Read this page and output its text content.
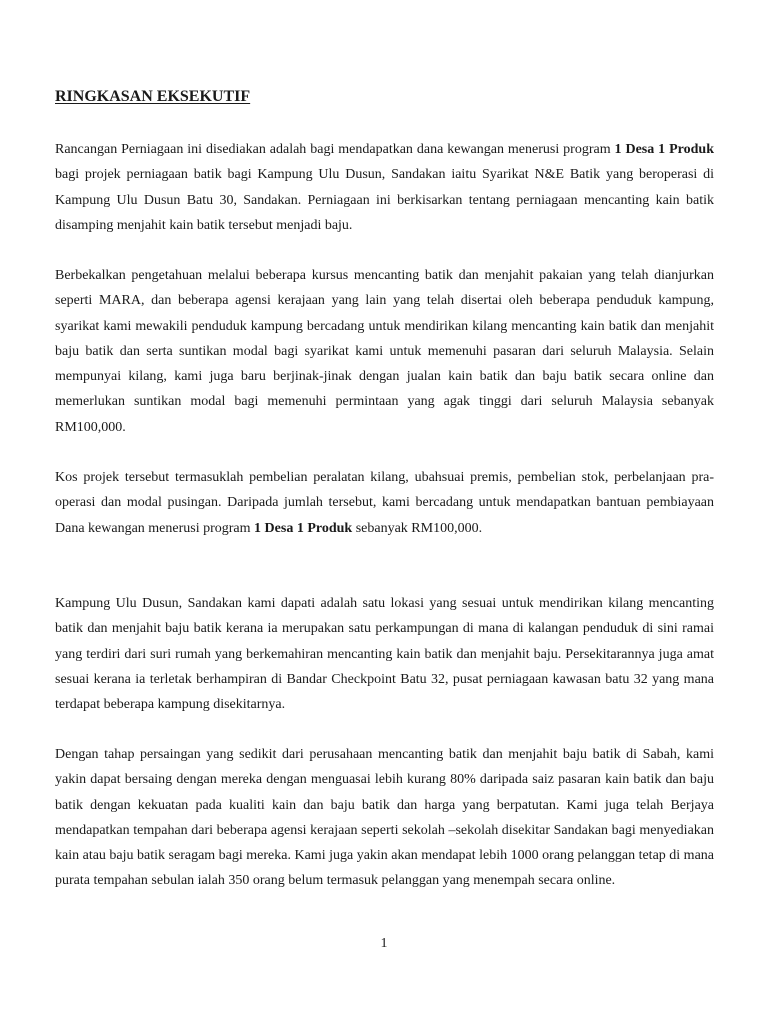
RINGKASAN EKSEKUTIF

Rancangan Perniagaan ini disediakan adalah bagi mendapatkan dana kewangan menerusi program 1 Desa 1 Produk bagi projek perniagaan batik bagi Kampung Ulu Dusun, Sandakan iaitu Syarikat N&E Batik yang beroperasi di Kampung Ulu Dusun Batu 30, Sandakan. Perniagaan ini berkisarkan tentang perniagaan mencanting kain batik disamping menjahit kain batik tersebut menjadi baju.

Berbekalkan pengetahuan melalui beberapa kursus mencanting batik dan menjahit pakaian yang telah dianjurkan seperti MARA, dan beberapa agensi kerajaan yang lain yang telah disertai oleh beberapa penduduk kampung, syarikat kami mewakili penduduk kampung bercadang untuk mendirikan kilang mencanting kain batik dan menjahit baju batik dan serta suntikan modal bagi syarikat kami untuk memenuhi pasaran dari seluruh Malaysia. Selain mempunyai kilang, kami juga baru berjinak-jinak dengan jualan kain batik dan baju batik secara online dan memerlukan suntikan modal bagi memenuhi permintaan yang agak tinggi dari seluruh Malaysia sebanyak RM100,000.

Kos projek tersebut termasuklah pembelian peralatan kilang, ubahsuai premis, pembelian stok, perbelanjaan pra-operasi dan modal pusingan. Daripada jumlah tersebut, kami bercadang untuk mendapatkan bantuan pembiayaan Dana kewangan menerusi program 1 Desa 1 Produk sebanyak RM100,000.

Kampung Ulu Dusun, Sandakan kami dapati adalah satu lokasi yang sesuai untuk mendirikan kilang mencanting batik dan menjahit baju batik kerana ia merupakan satu perkampungan di mana di kalangan penduduk di sini ramai yang terdiri dari suri rumah yang berkemahiran mencanting kain batik dan menjahit baju. Persekitarannya juga amat sesuai kerana ia terletak berhampiran di Bandar Checkpoint Batu 32, pusat perniagaan kawasan batu 32 yang mana terdapat beberapa kampung disekitarnya.

Dengan tahap persaingan yang sedikit dari perusahaan mencanting batik dan menjahit baju batik di Sabah, kami yakin dapat bersaing dengan mereka dengan menguasai lebih kurang 80% daripada saiz pasaran kain batik dan baju batik dengan kekuatan pada kualiti kain dan baju batik dan harga yang berpatutan. Kami juga telah Berjaya mendapatkan tempahan dari beberapa agensi kerajaan seperti sekolah –sekolah disekitar Sandakan bagi menyediakan kain atau baju batik seragam bagi mereka. Kami juga yakin akan mendapat lebih 1000 orang pelanggan tetap di mana purata tempahan sebulan ialah 350 orang belum termasuk pelanggan yang menempah secara online.

1
